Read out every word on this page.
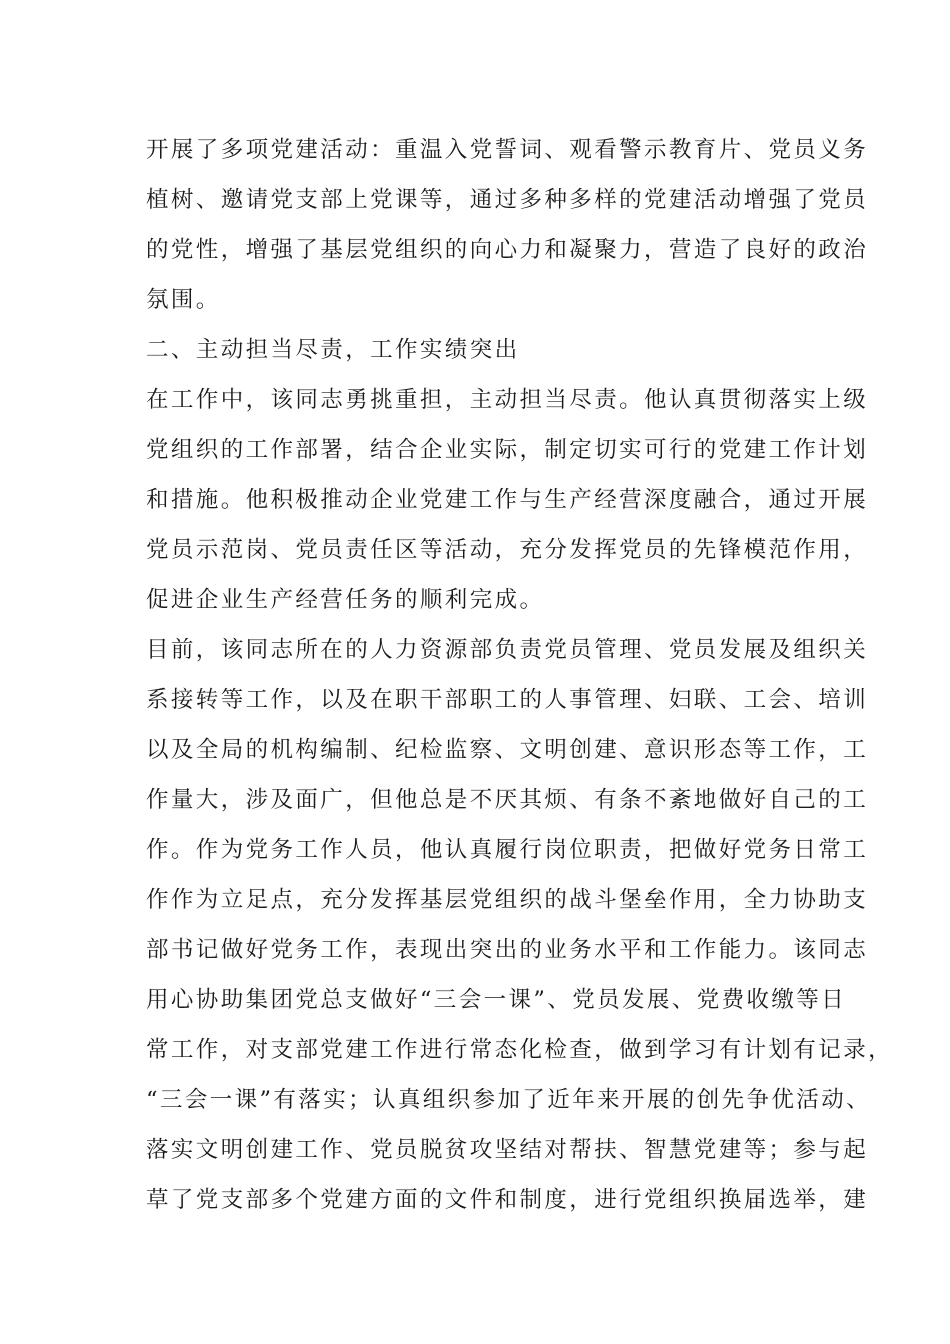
开展了多项党建活动：重温入党誓词、观看警示教育片、党员义务
植树、邀请党支部上党课等，通过多种多样的党建活动增强了党员
的党性，增强了基层党组织的向心力和凝聚力，营造了良好的政治
氛围。
二、主动担当尽责，工作实绩突出
在工作中，该同志勇挑重担，主动担当尽责。他认真贯彻落实上级
党组织的工作部署，结合企业实际，制定切实可行的党建工作计划
和措施。他积极推动企业党建工作与生产经营深度融合，通过开展
党员示范岗、党员责任区等活动，充分发挥党员的先锋模范作用，
促进企业生产经营任务的顺利完成。
目前，该同志所在的人力资源部负责党员管理、党员发展及组织关
系接转等工作，以及在职干部职工的人事管理、妇联、工会、培训
以及全局的机构编制、纪检监察、文明创建、意识形态等工作，工
作量大，涉及面广，但他总是不厌其烦、有条不紊地做好自己的工
作。作为党务工作人员，他认真履行岗位职责，把做好党务日常工
作作为立足点，充分发挥基层党组织的战斗堡垒作用，全力协助支
部书记做好党务工作，表现出突出的业务水平和工作能力。该同志
用心协助集团党总支做好“三会一课”、党员发展、党费收缴等日
常工作，对支部党建工作进行常态化检查，做到学习有计划有记录，
“三会一课”有落实；认真组织参加了近年来开展的创先争优活动、
落实文明创建工作、党员脱贫攻坚结对帮扶、智慧党建等；参与起
草了党支部多个党建方面的文件和制度，进行党组织换届选举，建
